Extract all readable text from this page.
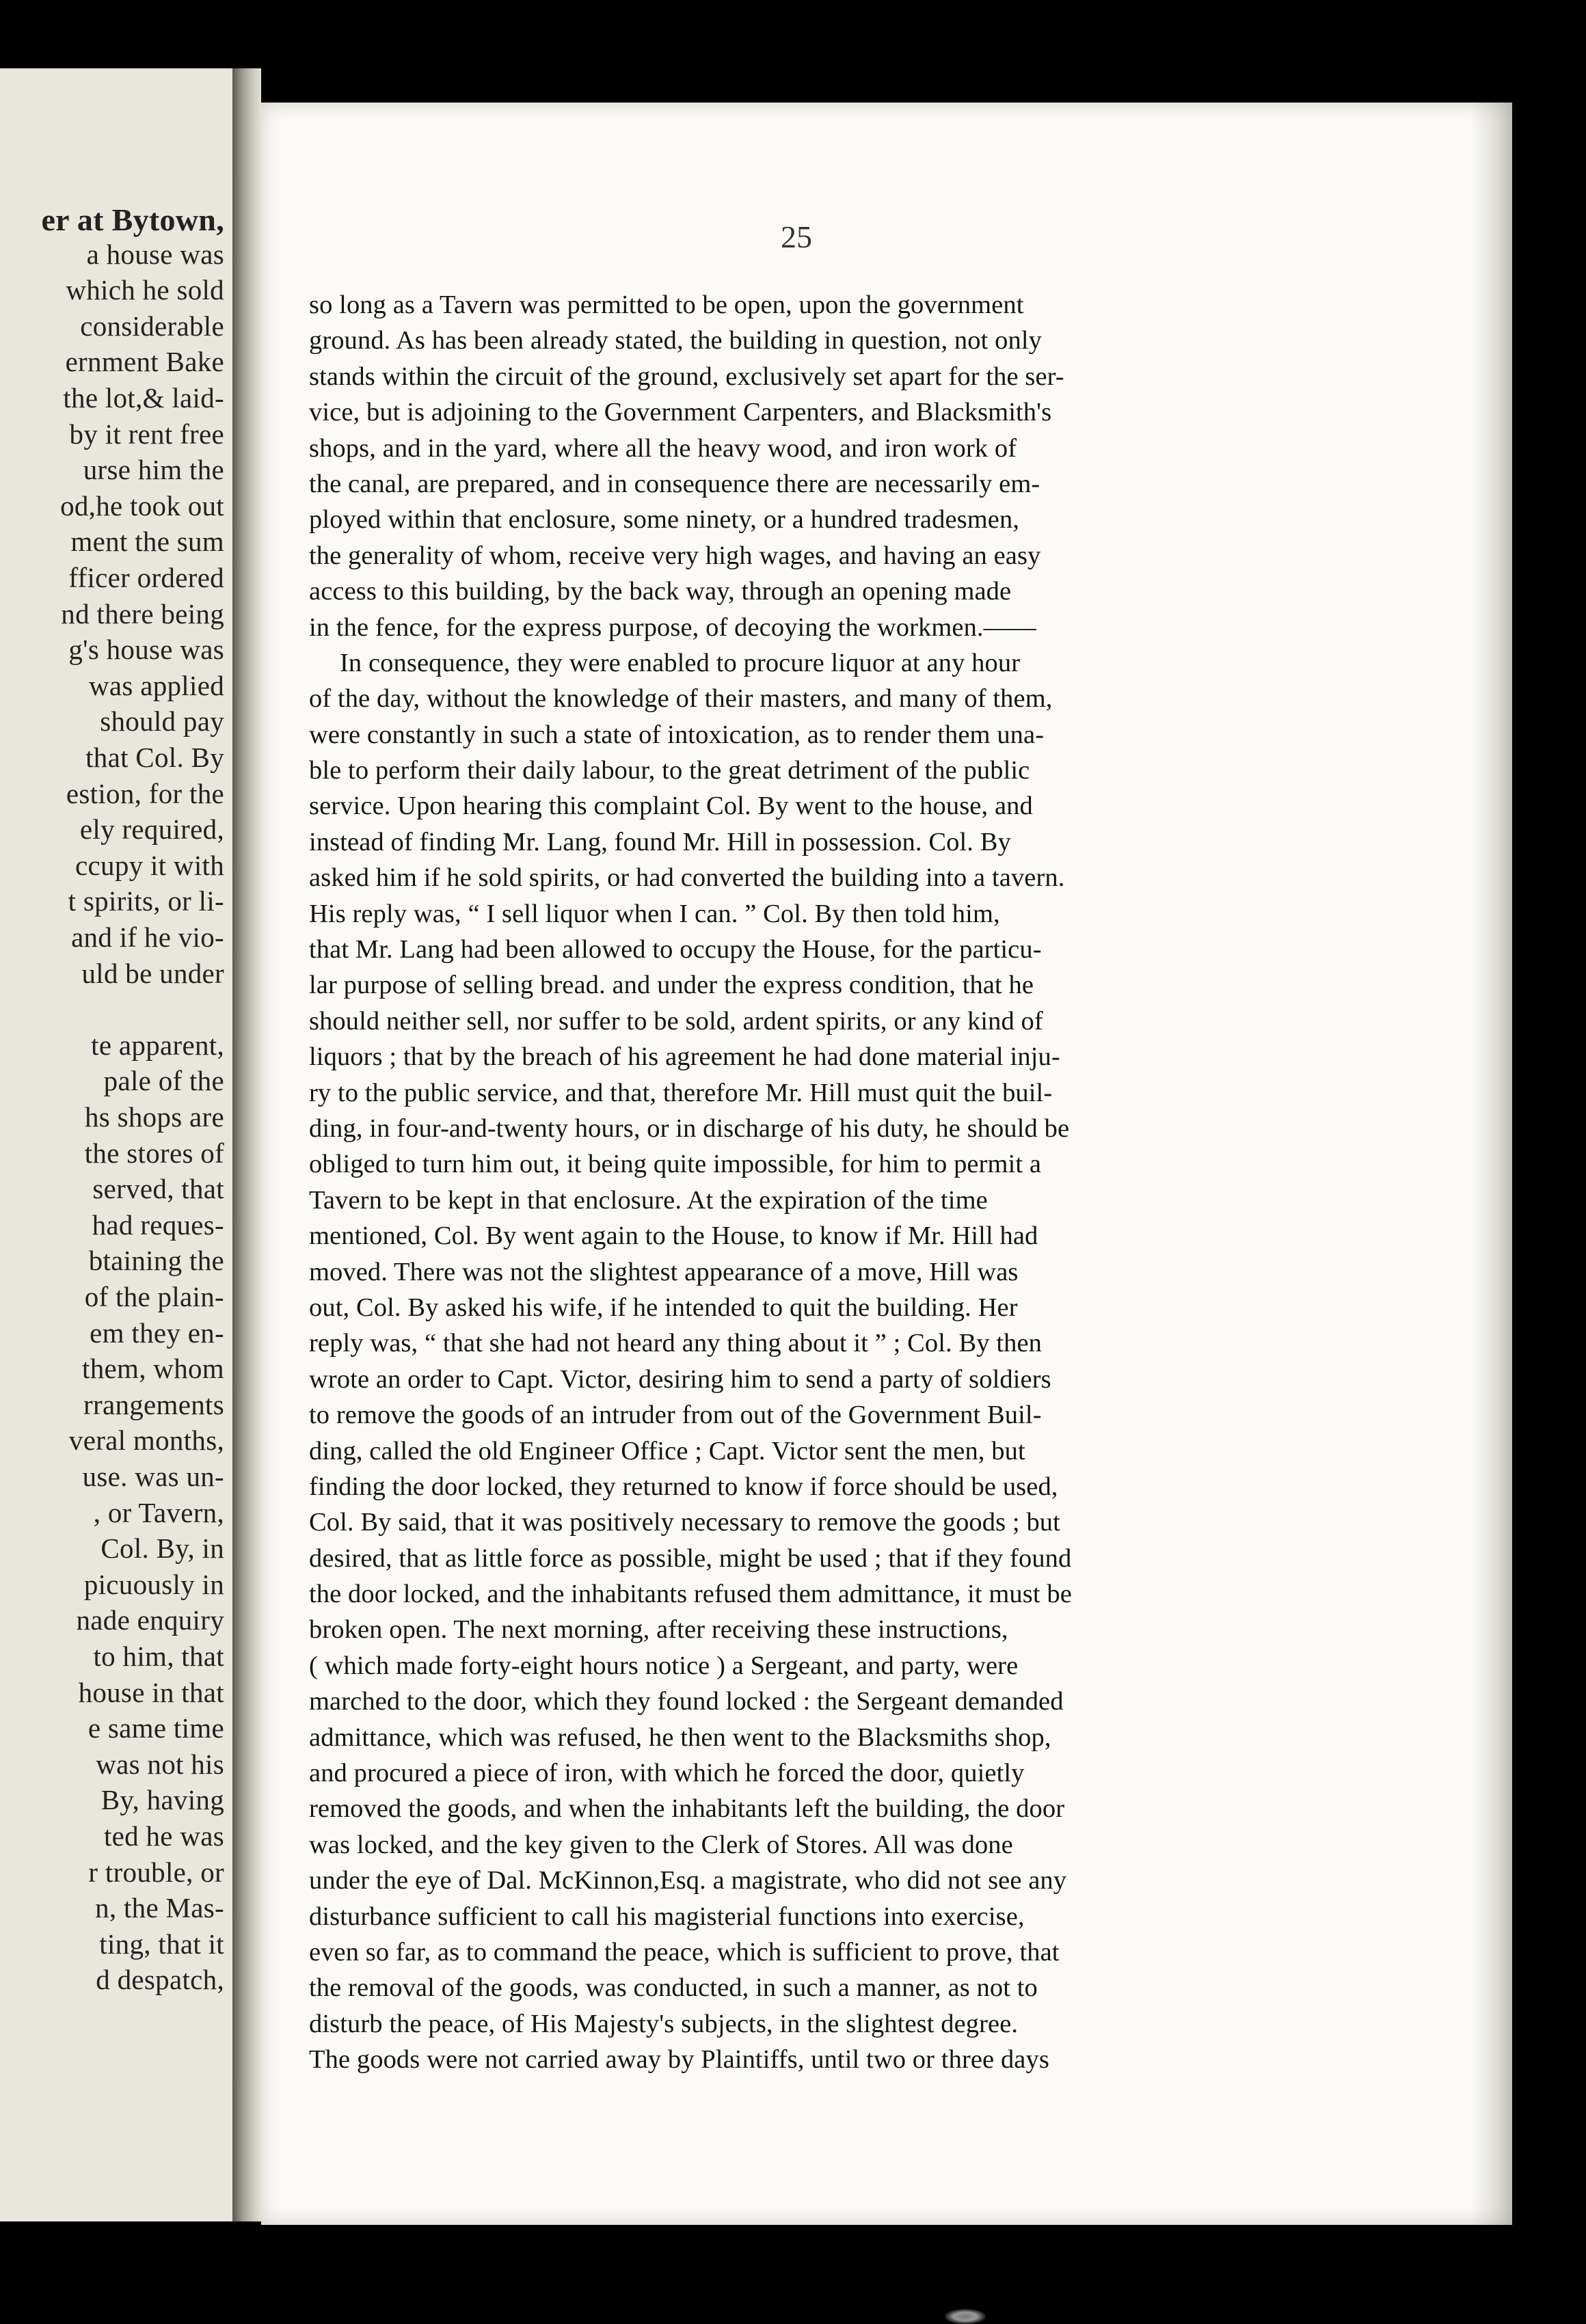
er at Bytown,
a house was
which he sold
considerable
ernment Bake
the lot,& laid-
by it rent free
urse him the
od,he took out
ment the sum
fficer ordered
nd there being
g's house was
was applied
should pay
that Col. By
estion, for the
ely required,
ccupy it with
t spirits, or li-
and if he vio-
uld be under
te apparent,
pale of the
hs shops are
the stores of
served, that
had reques-
btaining the
of the plain-
em they en-
them, whom
rrangements
veral months,
use. was un-
, or Tavern,
Col. By, in
picuously in
nade enquiry
to him, that
house in that
e same time
was not his
By, having
ted he was
r trouble, or
n, the Mas-
ting, that it
d despatch,
25
so long as a Tavern was permitted to be open, upon the government
ground. As has been already stated, the building in question, not only
stands within the circuit of the ground, exclusively set apart for the ser-
vice, but is adjoining to the Government Carpenters, and Blacksmith's
shops, and in the yard, where all the heavy wood, and iron work of
the canal, are prepared, and in consequence there are necessarily em-
ployed within that enclosure, some ninety, or a hundred tradesmen,
the generality of whom, receive very high wages, and having an easy
access to this building, by the back way, through an opening made
in the fence, for the express purpose, of decoying the workmen.——
In consequence, they were enabled to procure liquor at any hour
of the day, without the knowledge of their masters, and many of them,
were constantly in such a state of intoxication, as to render them una-
ble to perform their daily labour, to the great detriment of the public
service. Upon hearing this complaint Col. By went to the house, and
instead of finding Mr. Lang, found Mr. Hill in possession. Col. By
asked him if he sold spirits, or had converted the building into a tavern.
His reply was, “ I sell liquor when I can. ” Col. By then told him,
that Mr. Lang had been allowed to occupy the House, for the particu-
lar purpose of selling bread. and under the express condition, that he
should neither sell, nor suffer to be sold, ardent spirits, or any kind of
liquors ; that by the breach of his agreement he had done material inju-
ry to the public service, and that, therefore Mr. Hill must quit the buil-
ding, in four-and-twenty hours, or in discharge of his duty, he should be
obliged to turn him out, it being quite impossible, for him to permit a
Tavern to be kept in that enclosure. At the expiration of the time
mentioned, Col. By went again to the House, to know if Mr. Hill had
moved. There was not the slightest appearance of a move, Hill was
out, Col. By asked his wife, if he intended to quit the building. Her
reply was, “ that she had not heard any thing about it ” ; Col. By then
wrote an order to Capt. Victor, desiring him to send a party of soldiers
to remove the goods of an intruder from out of the Government Buil-
ding, called the old Engineer Office ; Capt. Victor sent the men, but
finding the door locked, they returned to know if force should be used,
Col. By said, that it was positively necessary to remove the goods ; but
desired, that as little force as possible, might be used ; that if they found
the door locked, and the inhabitants refused them admittance, it must be
broken open. The next morning, after receiving these instructions,
( which made forty-eight hours notice ) a Sergeant, and party, were
marched to the door, which they found locked : the Sergeant demanded
admittance, which was refused, he then went to the Blacksmiths shop,
and procured a piece of iron, with which he forced the door, quietly
removed the goods, and when the inhabitants left the building, the door
was locked, and the key given to the Clerk of Stores. All was done
under the eye of Dal. McKinnon,Esq. a magistrate, who did not see any
disturbance sufficient to call his magisterial functions into exercise,
even so far, as to command the peace, which is sufficient to prove, that
the removal of the goods, was conducted, in such a manner, as not to
disturb the peace, of His Majesty's subjects, in the slightest degree.
The goods were not carried away by Plaintiffs, until two or three days
